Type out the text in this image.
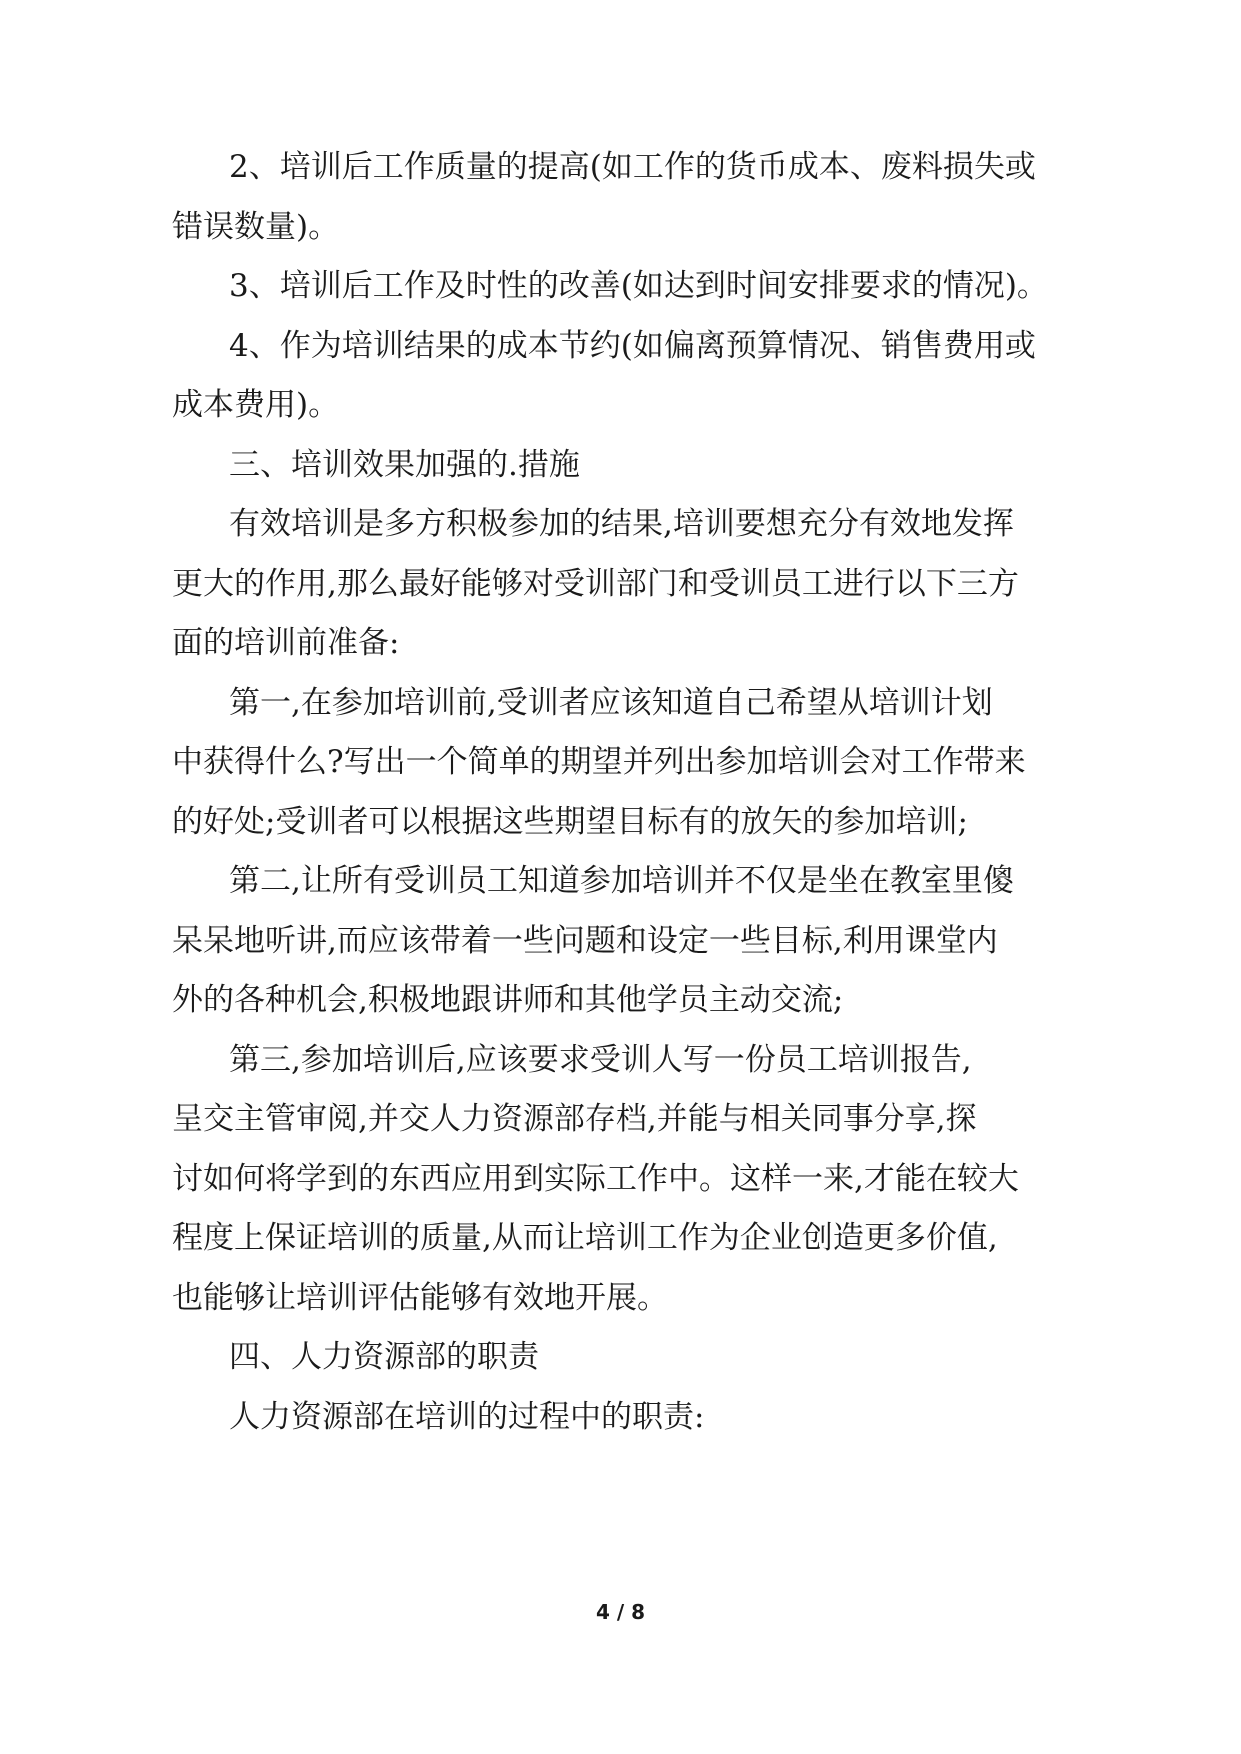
2、培训后工作质量的提高(如工作的货币成本、废料损失或
错误数量)。
3、培训后工作及时性的改善(如达到时间安排要求的情况)。
4、作为培训结果的成本节约(如偏离预算情况、销售费用或
成本费用)。
三、培训效果加强的.措施
有效培训是多方积极参加的结果,培训要想充分有效地发挥
更大的作用,那么最好能够对受训部门和受训员工进行以下三方
面的培训前准备:
第一,在参加培训前,受训者应该知道自己希望从培训计划
中获得什么?写出一个简单的期望并列出参加培训会对工作带来
的好处;受训者可以根据这些期望目标有的放矢的参加培训;
第二,让所有受训员工知道参加培训并不仅是坐在教室里傻
呆呆地听讲,而应该带着一些问题和设定一些目标,利用课堂内
外的各种机会,积极地跟讲师和其他学员主动交流;
第三,参加培训后,应该要求受训人写一份员工培训报告,
呈交主管审阅,并交人力资源部存档,并能与相关同事分享,探
讨如何将学到的东西应用到实际工作中。这样一来,才能在较大
程度上保证培训的质量,从而让培训工作为企业创造更多价值,
也能够让培训评估能够有效地开展。
四、人力资源部的职责
人力资源部在培训的过程中的职责:
4 / 8
